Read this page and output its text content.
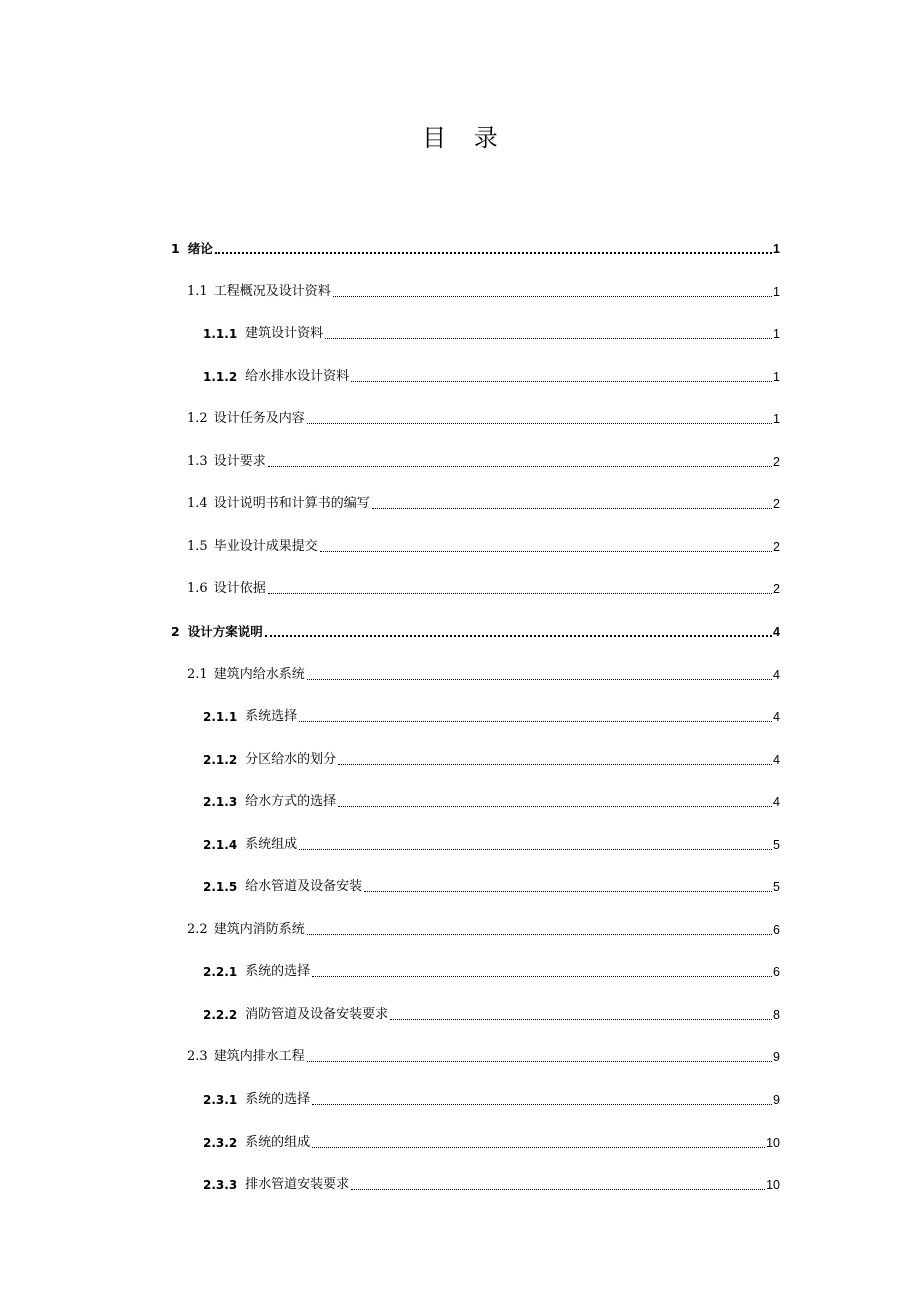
目 录
1 绪论	1
1.1 工程概况及设计资料	1
1.1.1 建筑设计资料	1
1.1.2 给水排水设计资料	1
1.2 设计任务及内容	1
1.3 设计要求	2
1.4 设计说明书和计算书的编写	2
1.5 毕业设计成果提交	2
1.6 设计依据	2
2 设计方案说明	4
2.1 建筑内给水系统	4
2.1.1 系统选择	4
2.1.2 分区给水的划分	4
2.1.3 给水方式的选择	4
2.1.4 系统组成	5
2.1.5 给水管道及设备安装	5
2.2 建筑内消防系统	6
2.2.1 系统的选择	6
2.2.2 消防管道及设备安装要求	8
2.3 建筑内排水工程	9
2.3.1 系统的选择	9
2.3.2 系统的组成	10
2.3.3 排水管道安装要求	10
